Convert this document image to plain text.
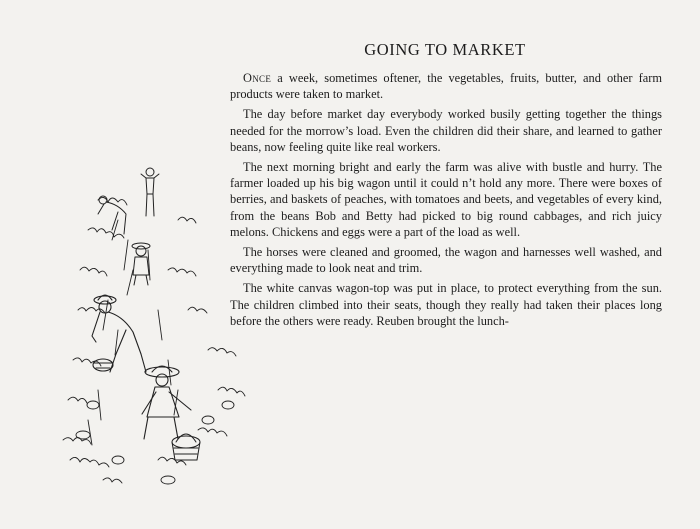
GOING TO MARKET

Once a week, sometimes oftener, the vegetables, fruits, butter, and other farm products were taken to market.

The day before market day everybody worked busily getting together the things needed for the morrow’s load. Even the children did their share, and learned to gather beans, now feeling quite like real workers.

The next morning bright and early the farm was alive with bustle and hurry. The farmer loaded up his big wagon until it could n’t hold any more. There were boxes of berries, and baskets of peaches, with tomatoes and beets, and vegetables of every kind, from the beans Bob and Betty had picked to big round cabbages, and rich juicy melons. Chickens and eggs were a part of the load as well.

The horses were cleaned and groomed, the wagon and harnesses well washed, and everything made to look neat and trim.

The white canvas wagon-top was put in place, to protect everything from the sun. The children climbed into their seats, though they really had taken their places long before the others were ready. Reuben brought the lunch-
